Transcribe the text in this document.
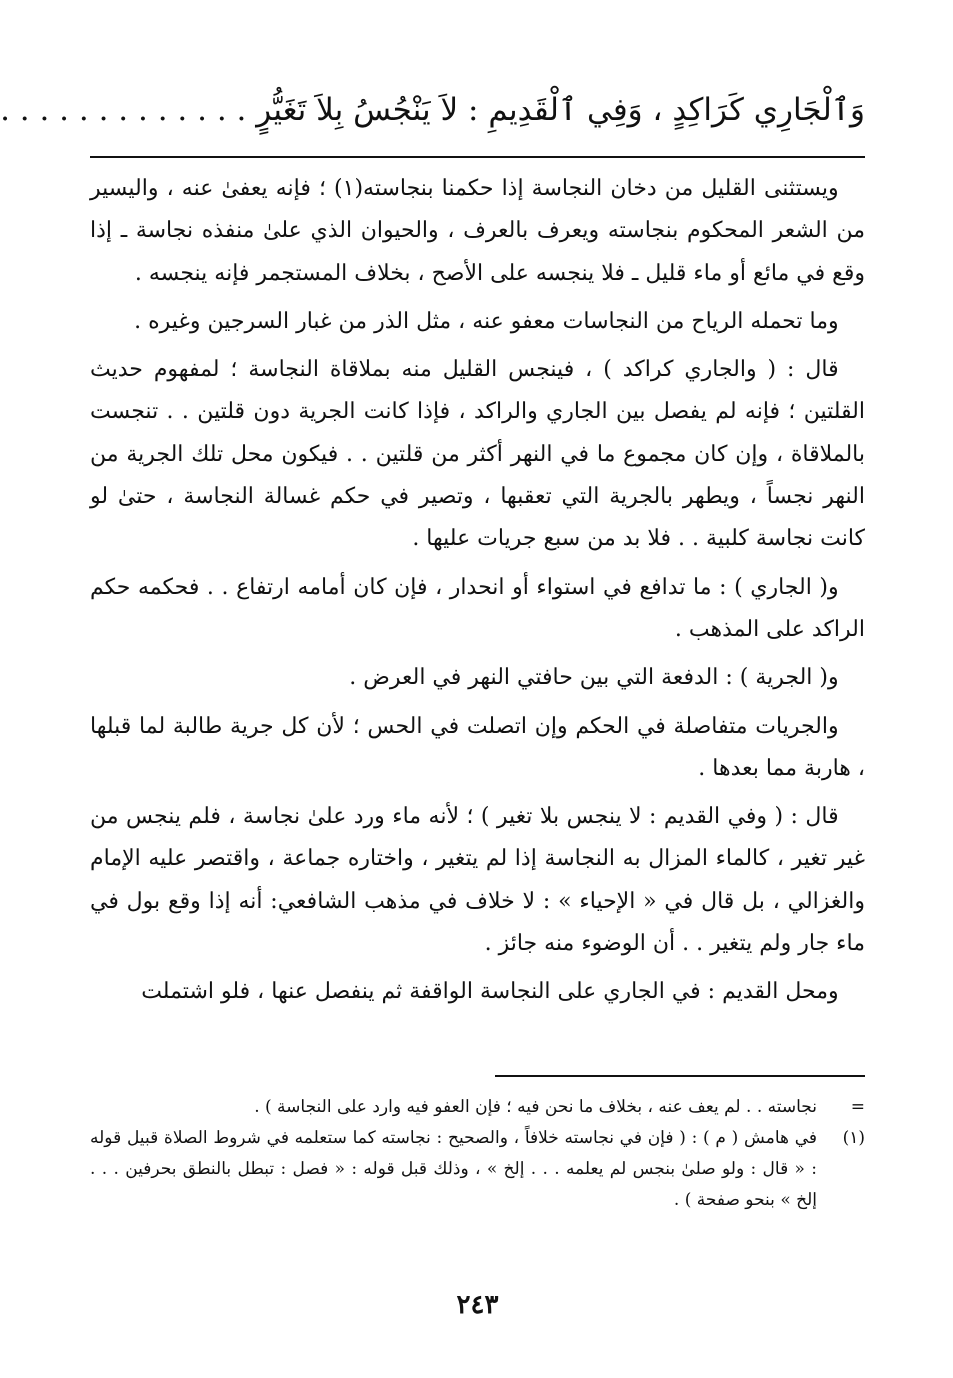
وَٱلْجَارِي كَرَاكِدٍ ، وَفِي ٱلْقَدِيمِ : لاَ يَنْجُسُ بِلاَ تَغَيُّرٍ . . . . . . . . . . . . .

ويستثنى القليل من دخان النجاسة إذا حكمنا بنجاسته(١) ؛ فإنه يعفىٰ عنه ، واليسير من الشعر المحكوم بنجاسته ويعرف بالعرف ، والحيوان الذي علىٰ منفذه نجاسة ـ إذا وقع في مائع أو ماء قليل ـ فلا ينجسه على الأصح ، بخلاف المستجمر فإنه ينجسه .

وما تحمله الرياح من النجاسات معفو عنه ، مثل الذر من غبار السرجين وغيره .

قال : ( والجاري كراكد ) ، فينجس القليل منه بملاقاة النجاسة ؛ لمفهوم حديث القلتين ؛ فإنه لم يفصل بين الجاري والراكد ، فإذا كانت الجرية دون قلتين . . تنجست بالملاقاة ، وإن كان مجموع ما في النهر أكثر من قلتين . . فيكون محل تلك الجرية من النهر نجساً ، ويطهر بالجرية التي تعقبها ، وتصير في حكم غسالة النجاسة ، حتىٰ لو كانت نجاسة كلبية . . فلا بد من سبع جريات عليها .

و( الجاري ) : ما تدافع في استواء أو انحدار ، فإن كان أمامه ارتفاع . . فحكمه حكم الراكد على المذهب .

و( الجرية ) : الدفعة التي بين حافتي النهر في العرض .

والجريات متفاصلة في الحكم وإن اتصلت في الحس ؛ لأن كل جرية طالبة لما قبلها ، هاربة مما بعدها .

قال : ( وفي القديم : لا ينجس بلا تغير ) ؛ لأنه ماء ورد علىٰ نجاسة ، فلم ينجس من غير تغير ، كالماء المزال به النجاسة إذا لم يتغير ، واختاره جماعة ، واقتصر عليه الإمام والغزالي ، بل قال في « الإحياء » : لا خلاف في مذهب الشافعي: أنه إذا وقع بول في ماء جار ولم يتغير . . أن الوضوء منه جائز .

ومحل القديم : في الجاري على النجاسة الواقفة ثم ينفصل عنها ، فلو اشتملت

=
نجاسته . . لم يعف عنه ، بخلاف ما نحن فيه ؛ فإن العفو فيه وارد على النجاسة ) .

(١)
في هامش ( م ) : ( فإن في نجاسته خلافاً ، والصحيح : نجاسته كما ستعلمه في شروط الصلاة قبيل قوله : « قال : ولو صلىٰ بنجس لم يعلمه . . . إلخ » ، وذلك قبل قوله : « فصل : تبطل بالنطق بحرفين . . . إلخ » بنحو صفحة ) .

٢٤٣
